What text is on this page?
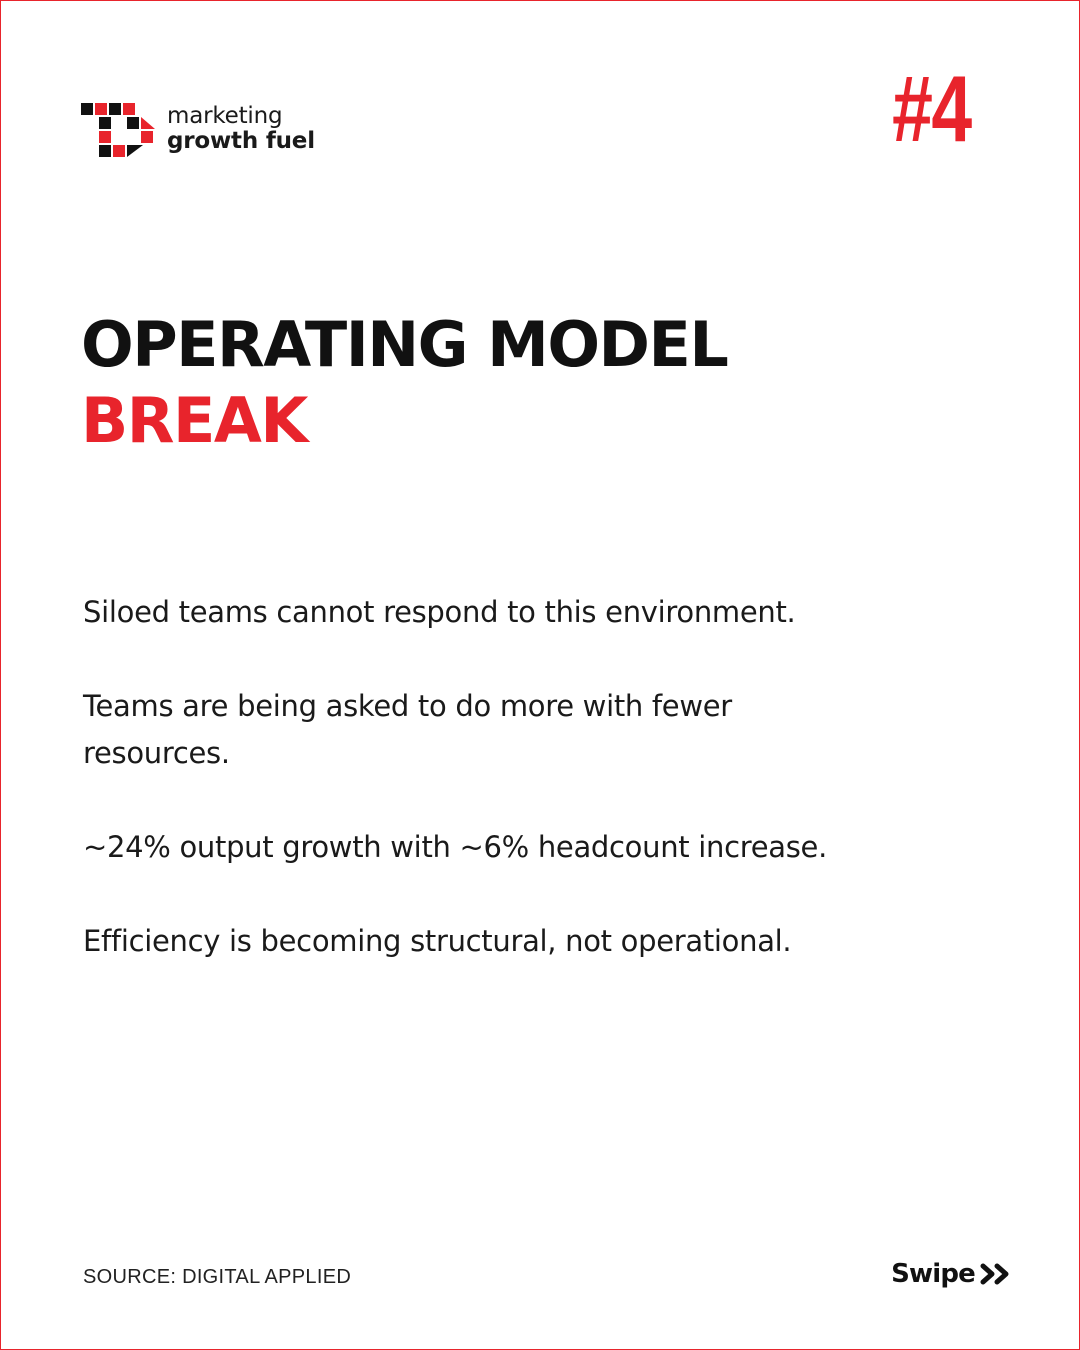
marketing
growth fuel	#4
OPERATING MODEL
BREAK

Siloed teams cannot respond to this environment.

Teams are being asked to do more with fewer resources.

~24% output growth with ~6% headcount increase.

Efficiency is becoming structural, not operational.

SOURCE: DIGITAL APPLIED	Swipe
